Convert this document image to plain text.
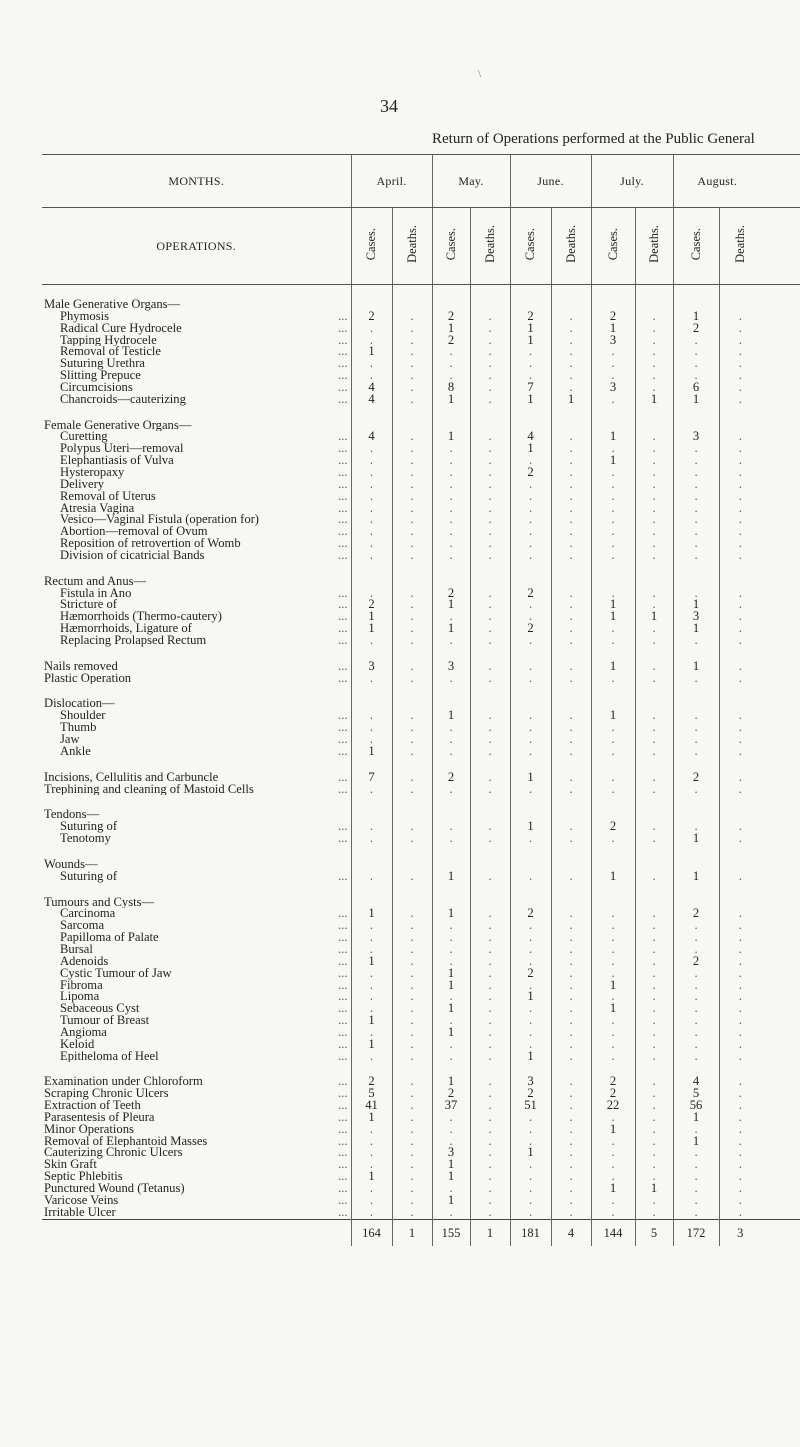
\
34
Return of Operations performed at the Public General
MONTHS.		April.		May.		June.		July.		August.		
OPERATIONS.		Cases.	Deaths.	Cases.	Deaths.	Cases.	Deaths.	Cases.	Deaths.	Cases.	Deaths.	

Male Generative Organs—												
Phymosis	...	2	.	2	.	2	.	2	.	1	.	
Radical Cure Hydrocele	...	.	.	1	.	1	.	1	.	2	.	
Tapping Hydrocele	...	.	.	2	.	1	.	3	.	.	.	
Removal of Testicle	...	1	.	.	.	.	.	.	.	.	.	
Suturing Urethra	...	.	.	.	.	.	.	.	.	.	.	
Slitting Prepuce	...	.	.	.	.	.	.	.	.	.	.	
Circumcisions	...	4	.	8	.	7	.	3	.	6	.	
Chancroids—cauterizing	...	4	.	1	.	1	1	.	1	1	.	

Female Generative Organs—												
Curetting	...	4	.	1	.	4	.	1	.	3	.	
Polypus Uteri—removal	...	.	.	.	.	1	.	.	.	.	.	
Elephantiasis of Vulva	...	.	.	.	.	.	.	1	.	.	.	
Hysteropaxy	...	.	.	.	.	2	.	.	.	.	.	
Delivery	...	.	.	.	.	.	.	.	.	.	.	
Removal of Uterus	...	.	.	.	.	.	.	.	.	.	.	
Atresia Vagina	...	.	.	.	.	.	.	.	.	.	.	
Vesico—Vaginal Fistula (operation for)	...	.	.	.	.	.	.	.	.	.	.	
Abortion—removal of Ovum	...	.	.	.	.	.	.	.	.	.	.	
Reposition of retrovertion of Womb	...	.	.	.	.	.	.	.	.	.	.	
Division of cicatricial Bands	...	.	.	.	.	.	.	.	.	.	.	

Rectum and Anus—												
Fistula in Ano	...	.	.	2	.	2	.	.	.	.	.	
Stricture of	...	2	.	1	.	.	.	1	.	1	.	
Hæmorrhoids (Thermo-cautery)	...	1	.	.	.	.	.	1	1	3	.	
Hæmorrhoids, Ligature of	...	1	.	1	.	2	.	.	.	1	.	
Replacing Prolapsed Rectum	...	.	.	.	.	.	.	.	.	.	.	

Nails removed	...	3	.	3	.	.	.	1	.	1	.	
Plastic Operation	...	.	.	.	.	.	.	.	.	.	.	

Dislocation—												
Shoulder	...	.	.	1	.	.	.	1	.	.	.	
Thumb	...	.	.	.	.	.	.	.	.	.	.	
Jaw	...	.	.	.	.	.	.	.	.	.	.	
Ankle	...	1	.	.	.	.	.	.	.	.	.	

Incisions, Cellulitis and Carbuncle	...	7	.	2	.	1	.	.	.	2	.	
Trephining and cleaning of Mastoid Cells	...	.	.	.	.	.	.	.	.	.	.	

Tendons—												
Suturing of	...	.	.	.	.	1	.	2	.	.	.	
Tenotomy	...	.	.	.	.	.	.	.	.	1	.	

Wounds—												
Suturing of	...	.	.	1	.	.	.	1	.	1	.	

Tumours and Cysts—												
Carcinoma	...	1	.	1	.	2	.	.	.	2	.	
Sarcoma	...	.	.	.	.	.	.	.	.	.	.	
Papilloma of Palate	...	.	.	.	.	.	.	.	.	.	.	
Bursal	...	.	.	.	.	.	.	.	.	.	.	
Adenoids	...	1	.	.	.	.	.	.	.	2	.	
Cystic Tumour of Jaw	...	.	.	1	.	2	.	.	.	.	.	
Fibroma	...	.	.	1	.	.	.	1	.	.	.	
Lipoma	...	.	.	.	.	1	.	.	.	.	.	
Sebaceous Cyst	...	.	.	1	.	.	.	1	.	.	.	
Tumour of Breast	...	1	.	.	.	.	.	.	.	.	.	
Angioma	...	.	.	1	.	.	.	.	.	.	.	
Keloid	...	1	.	.	.	.	.	.	.	.	.	
Epitheloma of Heel	...	.	.	.	.	1	.	.	.	.	.	

Examination under Chloroform	...	2	.	1	.	3	.	2	.	4	.	
Scraping Chronic Ulcers	...	5	.	2	.	2	.	2	.	5	.	
Extraction of Teeth	...	41	.	37	.	51	.	22	.	56	.	
Parasentesis of Pleura	...	1	.	.	.	.	.	.	.	1	.	
Minor Operations	...	.	.	.	.	.	.	1	.	.	.	
Removal of Elephantoid Masses	...	.	.	.	.	.	.	.	.	1	.	
Cauterizing Chronic Ulcers	...	.	.	3	.	1	.	.	.	.	.	
Skin Graft	...	.	.	1	.	.	.	.	.	.	.	
Septic Phlebitis	...	1	.	1	.	.	.	.	.	.	.	
Punctured Wound (Tetanus)	...	.	.	.	.	.	.	1	1	.	.	
Varicose Veins	...	.	.	1	.	.	.	.	.	.	.	
Irritable Ulcer	...	.	.	.	.	.	.	.	.	.	.	
		164	1	155	1	181	4	144	5	172	3	
